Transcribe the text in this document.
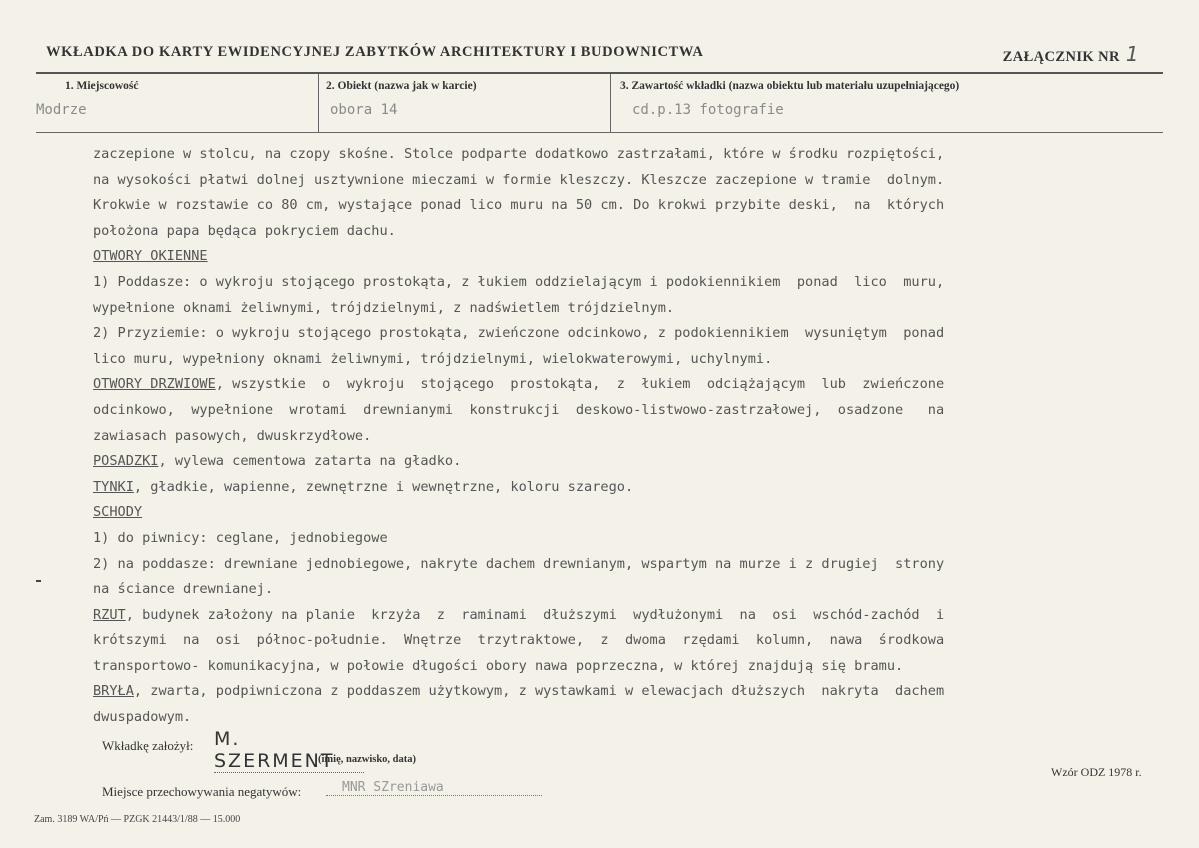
WKŁADKA DO KARTY EWIDENCYJNEJ ZABYTKÓW ARCHITEKTURY I BUDOWNICTWA	ZAŁĄCZNIK NR 1
1. Miejscowość
Modrze
2. Obiekt (nazwa jak w karcie)
obora 14
3. Zawartość wkładki (nazwa obiektu lub materiału uzupełniającego)
cd.p.13 fotografie
zaczepione w stolcu, na czopy skośne. Stolce podparte dodatkowo zastrzałami, które w środku rozpiętości,
na wysokości płatwi dolnej usztywnione mieczami w formie kleszczy. Kleszcze zaczepione w tramie  dolnym.
Krokwie w rozstawie co 80 cm, wystające ponad lico muru na 50 cm. Do krokwi przybite deski,  na  których
położona papa będąca pokryciem dachu.
OTWORY OKIENNE
1) Poddasze: o wykroju stojącego prostokąta, z łukiem oddzielającym i podokiennikiem  ponad  lico  muru,
wypełnione oknami żeliwnymi, trójdzielnymi, z nadświetlem trójdzielnym.
2) Przyziemie: o wykroju stojącego prostokąta, zwieńczone odcinkowo, z podokiennikiem  wysuniętym  ponad
lico muru, wypełniony oknami żeliwnymi, trójdzielnymi, wielokwaterowymi, uchylnymi.
OTWORY DRZWIOWE, wszystkie  o  wykroju  stojącego  prostokąta,  z  łukiem  odciążającym  lub  zwieńczone
odcinkowo,  wypełnione  wrotami  drewnianymi  konstrukcji  deskowo-listwowo-zastrzałowej,  osadzone   na
zawiasach pasowych, dwuskrzydłowe.
POSADZKI, wylewa cementowa zatarta na gładko.
TYNKI, gładkie, wapienne, zewnętrzne i wewnętrzne, koloru szarego.
SCHODY
1) do piwnicy: ceglane, jednobiegowe
2) na poddasze: drewniane jednobiegowe, nakryte dachem drewnianym, wspartym na murze i z drugiej  strony
na ściance drewnianej.
RZUT, budynek założony na planie  krzyża  z  raminami  dłuższymi  wydłużonymi  na  osi  wschód-zachód  i
krótszymi  na  osi  północ-południe.  Wnętrze  trzytraktowe,  z  dwoma  rzędami  kolumn,  nawa  środkowa
transportowo- komunikacyjna, w połowie długości obory nawa poprzeczna, w której znajdują się bramu.
BRYŁA, zwarta, podpiwniczona z poddaszem użytkowym, z wystawkami w elewacjach dłuższych  nakryta  dachem
dwuspadowym.
Wkładkę założył: M. SZERMENT
(imię, nazwisko, data)
Wzór ODZ 1978 r.
Miejsce przechowywania negatywów:	MNR SZreniawa
Zam. 3189 WA/Pń — PZGK 21443/1/88 — 15.000
